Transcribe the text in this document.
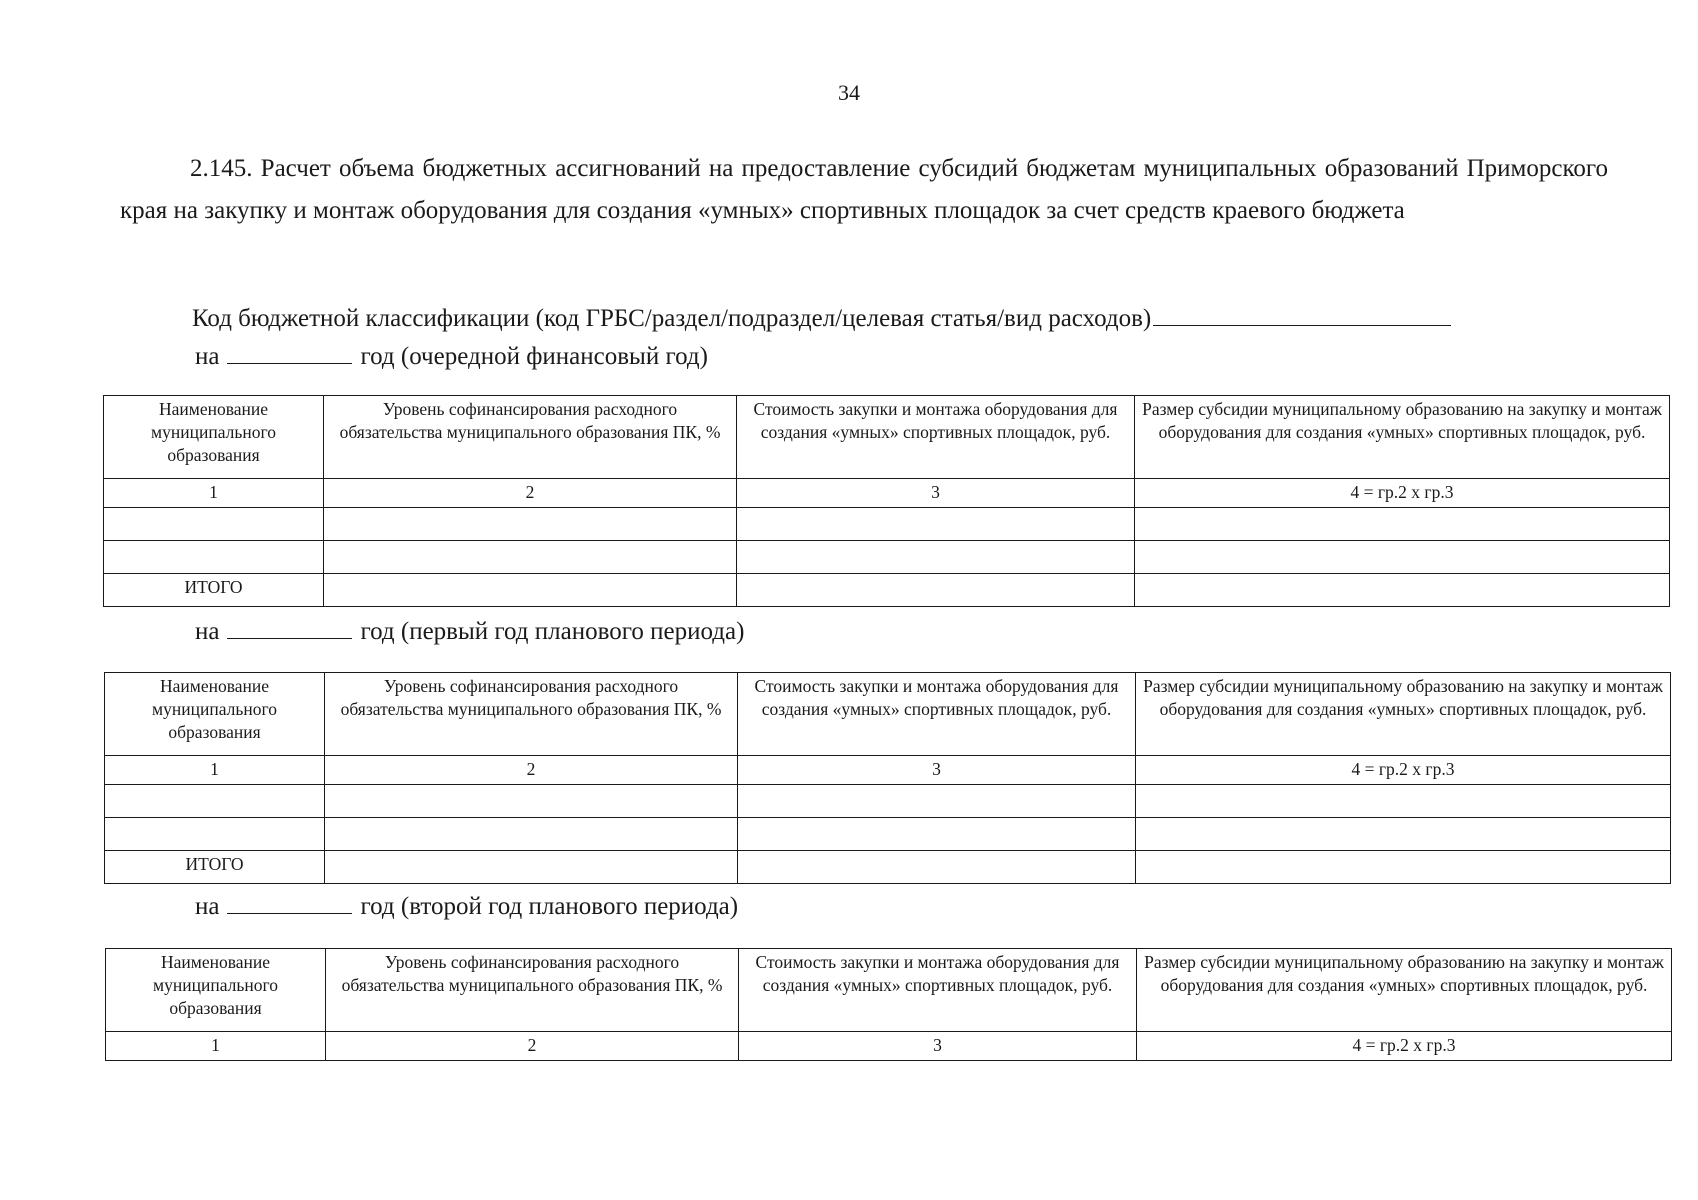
34
2.145. Расчет объема бюджетных ассигнований на предоставление субсидий бюджетам муниципальных образований Приморского края на закупку и монтаж оборудования для создания «умных» спортивных площадок за счет средств краевого бюджета
Код бюджетной классификации (код ГРБС/раздел/подраздел/целевая статья/вид расходов)
на	год (очередной финансовый год)
Наименование муниципального образования	Уровень софинансирования расходного обязательства муниципального образования ПК, %	Стоимость закупки и монтажа оборудования для создания «умных» спортивных площадок, руб.	Размер субсидии муниципальному образованию на закупку и монтаж оборудования для создания «умных» спортивных площадок, руб.
1	2	3	4 = гр.2 х гр.3

ИТОГО			
на	год (первый год планового периода)
Наименование муниципального образования	Уровень софинансирования расходного обязательства муниципального образования ПК, %	Стоимость закупки и монтажа оборудования для создания «умных» спортивных площадок, руб.	Размер субсидии муниципальному образованию на закупку и монтаж оборудования для создания «умных» спортивных площадок, руб.
1	2	3	4 = гр.2 х гр.3

ИТОГО			
на	год (второй год планового периода)
Наименование муниципального образования	Уровень софинансирования расходного обязательства муниципального образования ПК, %	Стоимость закупки и монтажа оборудования для создания «умных» спортивных площадок, руб.	Размер субсидии муниципальному образованию на закупку и монтаж оборудования для создания «умных» спортивных площадок, руб.
1	2	3	4 = гр.2 х гр.3
